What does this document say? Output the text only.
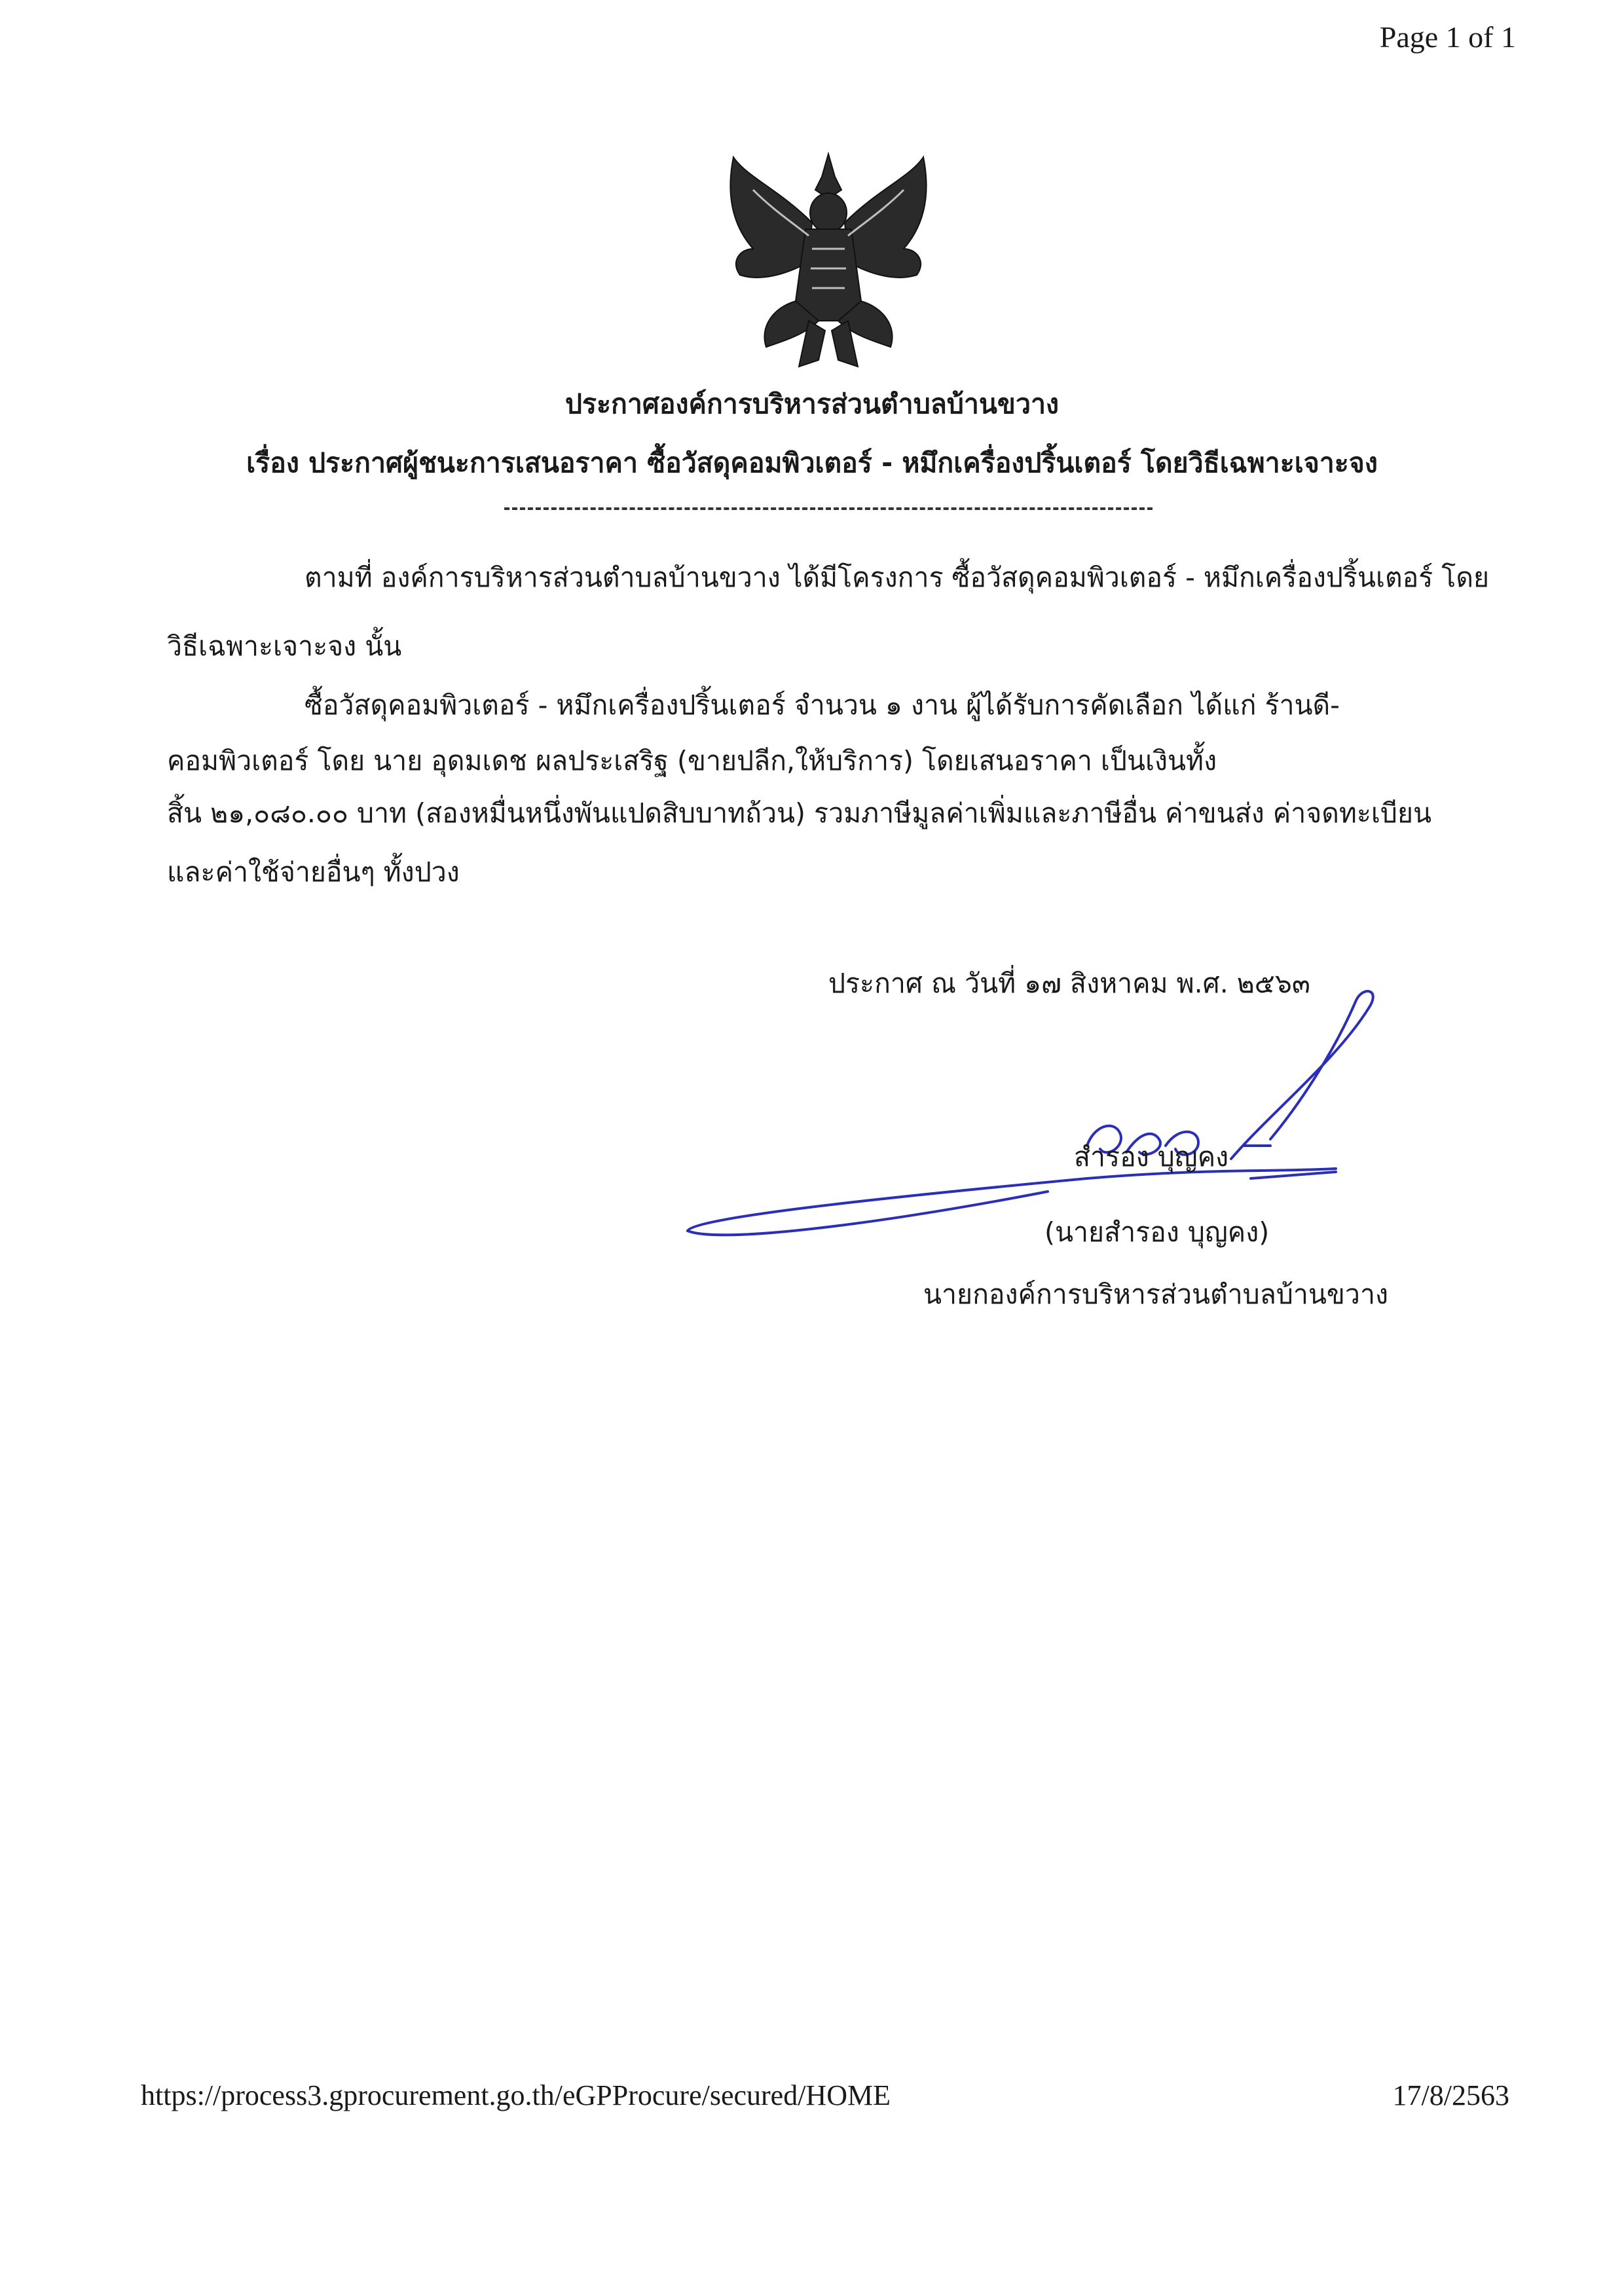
Page 1 of 1
ประกาศองค์การบริหารส่วนตำบลบ้านขวาง
เรื่อง ประกาศผู้ชนะการเสนอราคา ซื้อวัสดุคอมพิวเตอร์ - หมึกเครื่องปริ้นเตอร์ โดยวิธีเฉพาะเจาะจง
ตามที่ องค์การบริหารส่วนตำบลบ้านขวาง ได้มีโครงการ ซื้อวัสดุคอมพิวเตอร์ - หมึกเครื่องปริ้นเตอร์ โดย
วิธีเฉพาะเจาะจง นั้น
ซื้อวัสดุคอมพิวเตอร์ - หมึกเครื่องปริ้นเตอร์ จำนวน ๑ งาน ผู้ได้รับการคัดเลือก ได้แก่ ร้านดี-
คอมพิวเตอร์ โดย นาย อุดมเดช ผลประเสริฐ (ขายปลีก,ให้บริการ) โดยเสนอราคา เป็นเงินทั้ง
สิ้น ๒๑,๐๘๐.๐๐ บาท (สองหมื่นหนึ่งพันแปดสิบบาทถ้วน) รวมภาษีมูลค่าเพิ่มและภาษีอื่น ค่าขนส่ง ค่าจดทะเบียน
และค่าใช้จ่ายอื่นๆ ทั้งปวง
ประกาศ ณ วันที่ ๑๗ สิงหาคม พ.ศ. ๒๕๖๓
สำรอง บุญคง
(นายสำรอง บุญคง)
นายกองค์การบริหารส่วนตำบลบ้านขวาง
https://process3.gprocurement.go.th/eGPProcure/secured/HOME	17/8/2563
